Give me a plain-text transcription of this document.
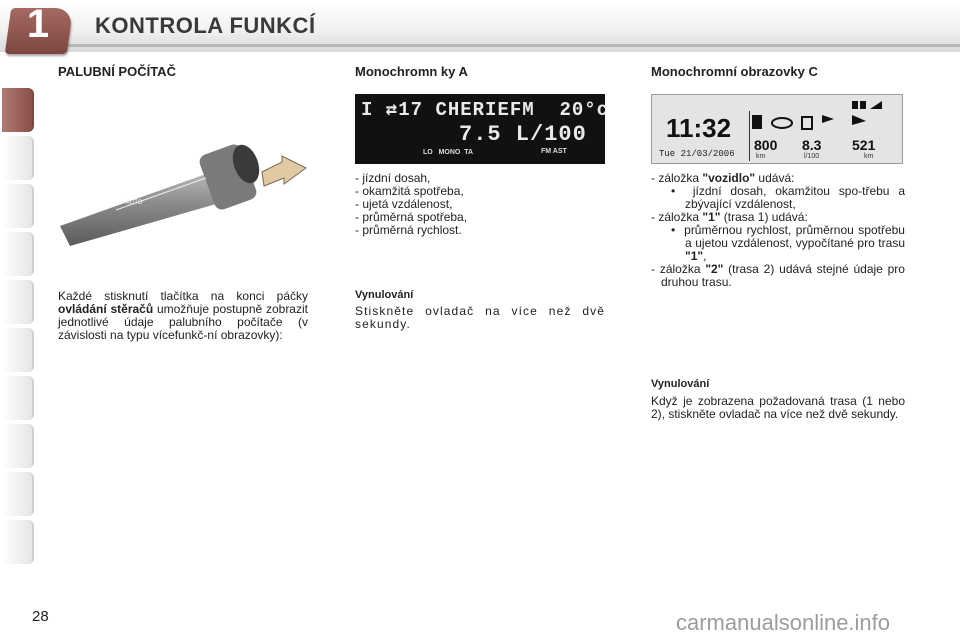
1	KONTROLA FUNKCÍ
PALUBNÍ POČÍTAČ
AUTO
Každé stisknutí tlačítka na konci páčky ovládání stěračů umožňuje postupně zobrazit jednotlivé údaje palubního počítače (v závislosti na typu vícefunkč-ní obrazovky):
Monochromn ky A
I ⇄17 CHERIEFM  20°c
7.5 L/100
LO   MONO  TA	FM AST
- jízdní dosah,
- okamžitá spotřeba,
- ujetá vzdálenost,
- průměrná spotřeba,
- průměrná rychlost.
Vynulování
Stiskněte ovladač na více než dvě sekundy.
Monochromní obrazovky C
11:32
Tue 21/03/2006
800 8.3 521
km	l/100	km
- záložka "vozidlo" udává:
•  jízdní dosah, okamžitou spo-třebu a zbývající vzdálenost,
- záložka "1" (trasa 1) udává:
•  průměrnou rychlost, průměrnou spotřebu a ujetou vzdálenost, vypočítané pro trasu "1",
- záložka "2" (trasa 2) udává stejné údaje pro druhou trasu.
Vynulování
Když je zobrazena požadovaná trasa (1 nebo 2), stiskněte ovladač na více než dvě sekundy.
28	carmanualsonline.info
